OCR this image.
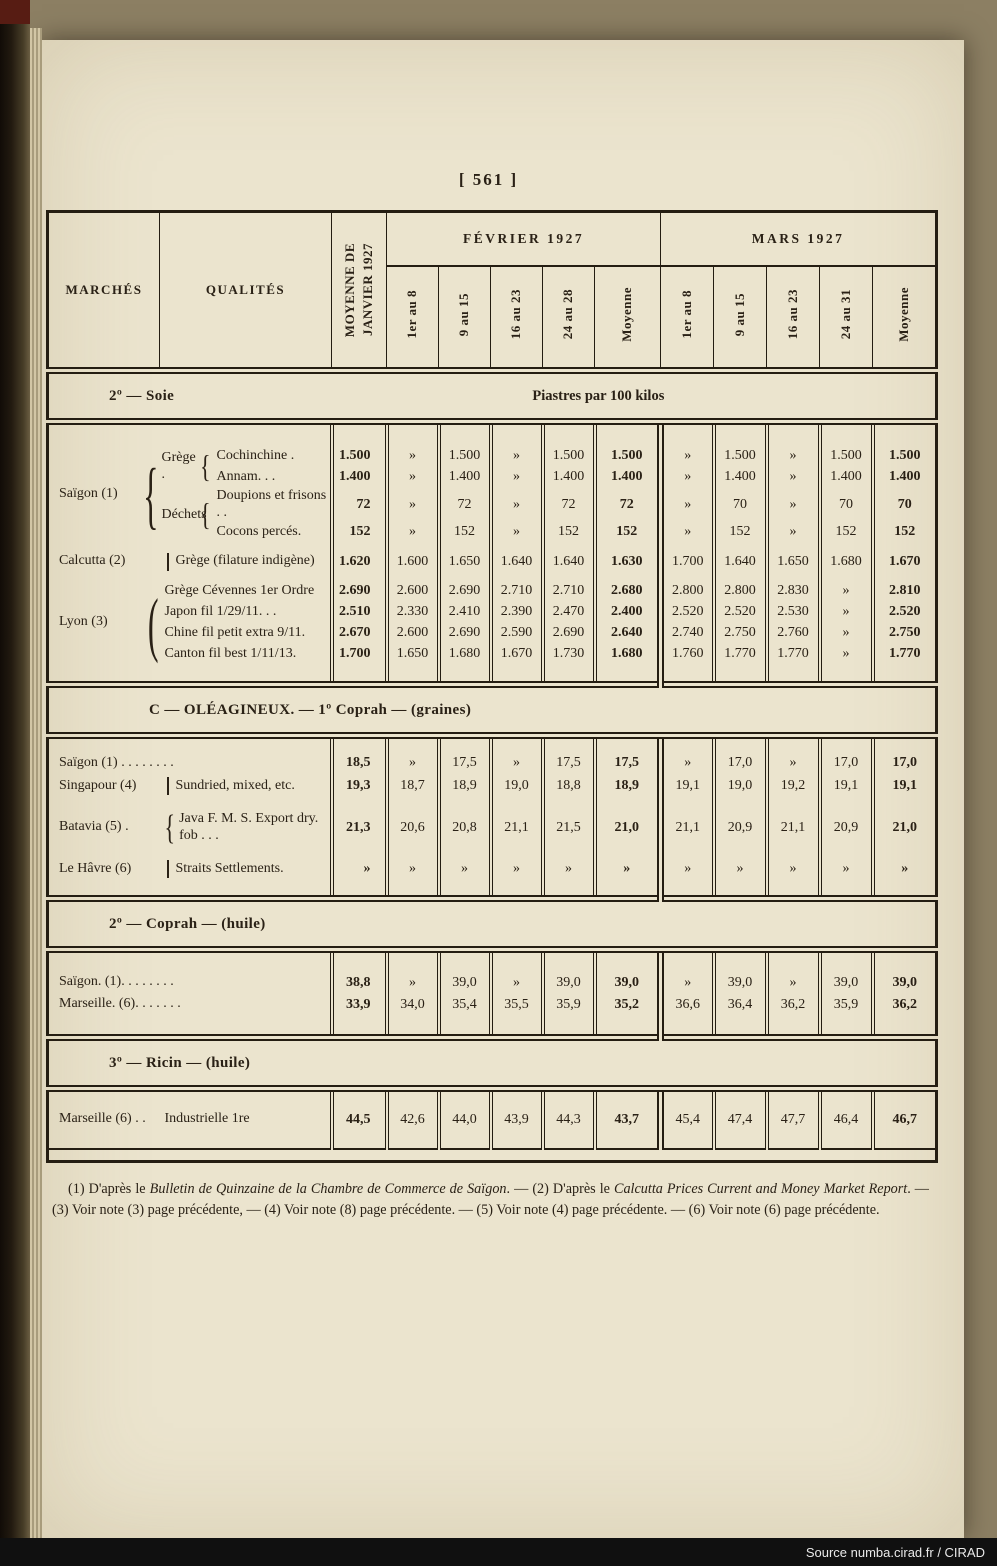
[ 561 ]
MARCHÉS	QUALITÉS		MOYENNE DE JANVIER 1927	FÉVRIER 1927					MARS 1927				
				1er au 8	9 au 15	16 au 23	24 au 28	Moyenne	1er au 8	9 au 15	16 au 23	24 au 31	Moyenne

2º — Soie Piastres par 100 kilos													

Saïgon (1) {	Grège . {	Cochinchine .	1.500	»	1.500	»	1.500	1.500	»	1.500	»	1.500	1.500
		Annam. . .	1.400	»	1.400	»	1.400	1.400	»	1.400	»	1.400	1.400
	Déchets
{	Doupions et frisons . .	72	»	72	»	72	72	»	70	»	70	70
		Cocons percés.	152	»	152	»	152	152	»	152	»	152	152

Calcutta (2)	Grège (filature indigène)		1.620	1.600	1.650	1.640	1.640	1.630	1.700	1.640	1.650	1.680	1.670

Lyon (3) (	Grège Cévennes 1er Ordre		2.690	2.600	2.690	2.710	2.710	2.680	2.800	2.800	2.830	»	2.810
	Japon fil 1/29/11. . .		2.510	2.330	2.410	2.390	2.470	2.400	2.520	2.520	2.530	»	2.520
	Chine fil petit extra 9/11.		2.670	2.600	2.690	2.590	2.690	2.640	2.740	2.750	2.760	»	2.750
	Canton fil best 1/11/13.		1.700	1.650	1.680	1.670	1.730	1.680	1.760	1.770	1.770	»	1.770

C — OLÉAGINEUX. — 1º Coprah — (graines)													

Saïgon (1) . . . . . . . .			18,5	»	17,5	»	17,5	17,5	»	17,0	»	17,0	17,0
Singapour (4)	Sundried, mixed, etc.		19,3	18,7	18,9	19,0	18,8	18,9	19,1	19,0	19,2	19,1	19,1

Batavia (5) .	{ Java F. M. S. Export dry. fob . . .		21,3	20,6	20,8	21,1	21,5	21,0	21,1	20,9	21,1	20,9	21,0

Le Hâvre (6)	Straits Settlements.		»	»	»	»	»	»	»	»	»	»	»

2º — Coprah — (huile)													

Saïgon. (1). . . . . . . .			38,8	»	39,0	»	39,0	39,0	»	39,0	»	39,0	39,0
Marseille. (6). . . . . . .			33,9	34,0	35,4	35,5	35,9	35,2	36,6	36,4	36,2	35,9	36,2

3º — Ricin — (huile)													

Marseille (6) . .	Industrielle 1re		44,5	42,6	44,0	43,9	44,3	43,7	45,4	47,4	47,7	46,4	46,7

(1) D'après le Bulletin de Quinzaine de la Chambre de Commerce de Saïgon. — (2) D'après le Calcutta Prices Current and Money Market Report. — (3) Voir note (3) page précédente, — (4) Voir note (8) page précédente. — (5) Voir note (4) page précédente. — (6) Voir note (6) page précédente.
Source numba.cirad.fr / CIRAD
